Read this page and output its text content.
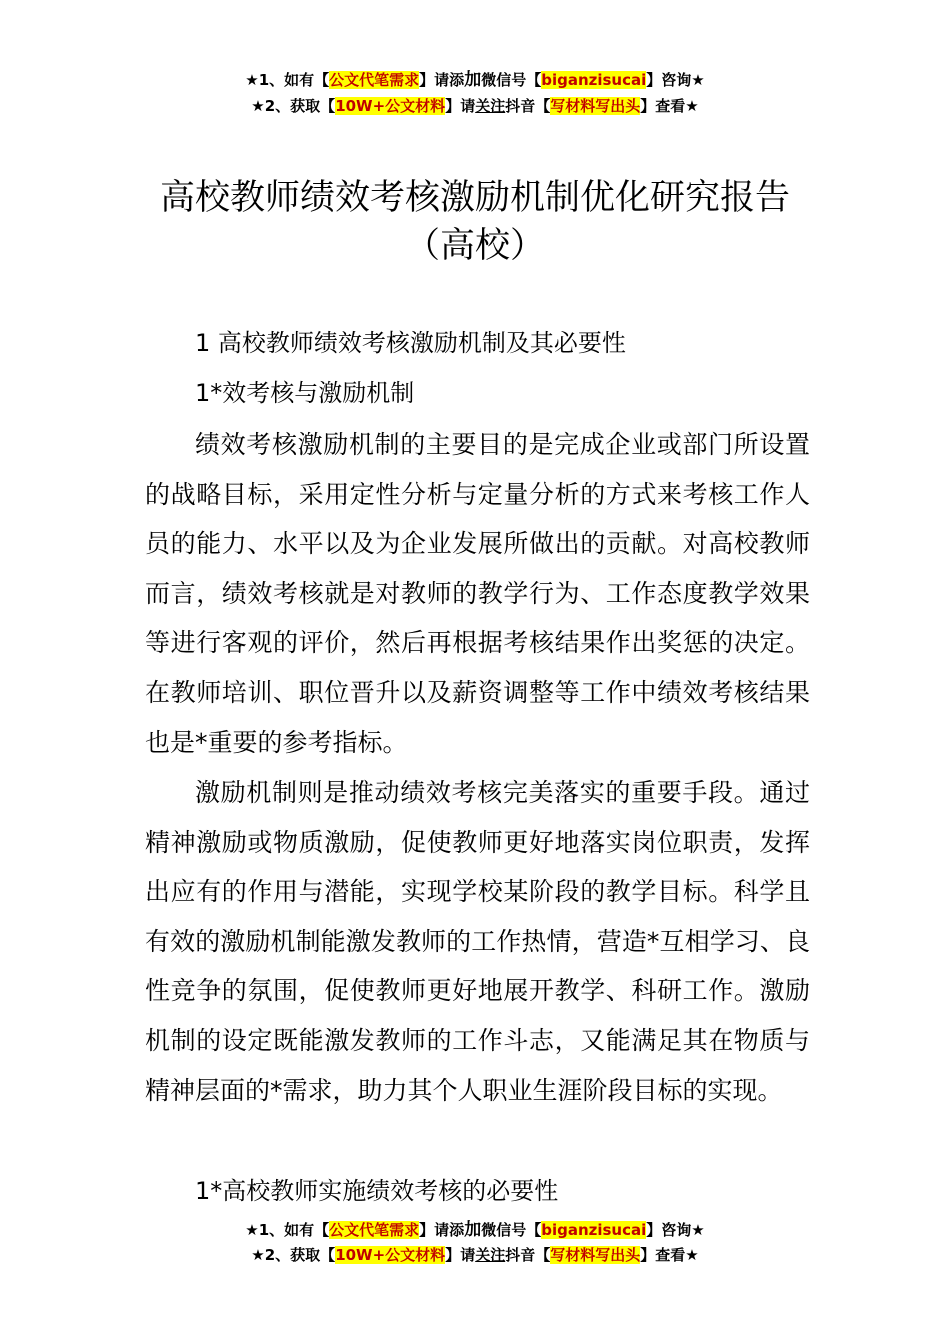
★1、如有【公文代笔需求】请添加微信号【biganzisucai】咨询★
★2、获取【10W+公文材料】请关注抖音【写材料写出头】查看★
高校教师绩效考核激励机制优化研究报告
（高校）
1 高校教师绩效考核激励机制及其必要性
1*效考核与激励机制
绩效考核激励机制的主要目的是完成企业或部门所设置的战略目标，采用定性分析与定量分析的方式来考核工作人员的能力、水平以及为企业发展所做出的贡献。对高校教师而言，绩效考核就是对教师的教学行为、工作态度教学效果等进行客观的评价，然后再根据考核结果作出奖惩的决定。在教师培训、职位晋升以及薪资调整等工作中绩效考核结果也是*重要的参考指标。
激励机制则是推动绩效考核完美落实的重要手段。通过精神激励或物质激励，促使教师更好地落实岗位职责，发挥出应有的作用与潜能，实现学校某阶段的教学目标。科学且有效的激励机制能激发教师的工作热情，营造*互相学习、良性竞争的氛围，促使教师更好地展开教学、科研工作。激励机制的设定既能激发教师的工作斗志，又能满足其在物质与精神层面的*需求，助力其个人职业生涯阶段目标的实现。
1*高校教师实施绩效考核的必要性
★1、如有【公文代笔需求】请添加微信号【biganzisucai】咨询★
★2、获取【10W+公文材料】请关注抖音【写材料写出头】查看★
